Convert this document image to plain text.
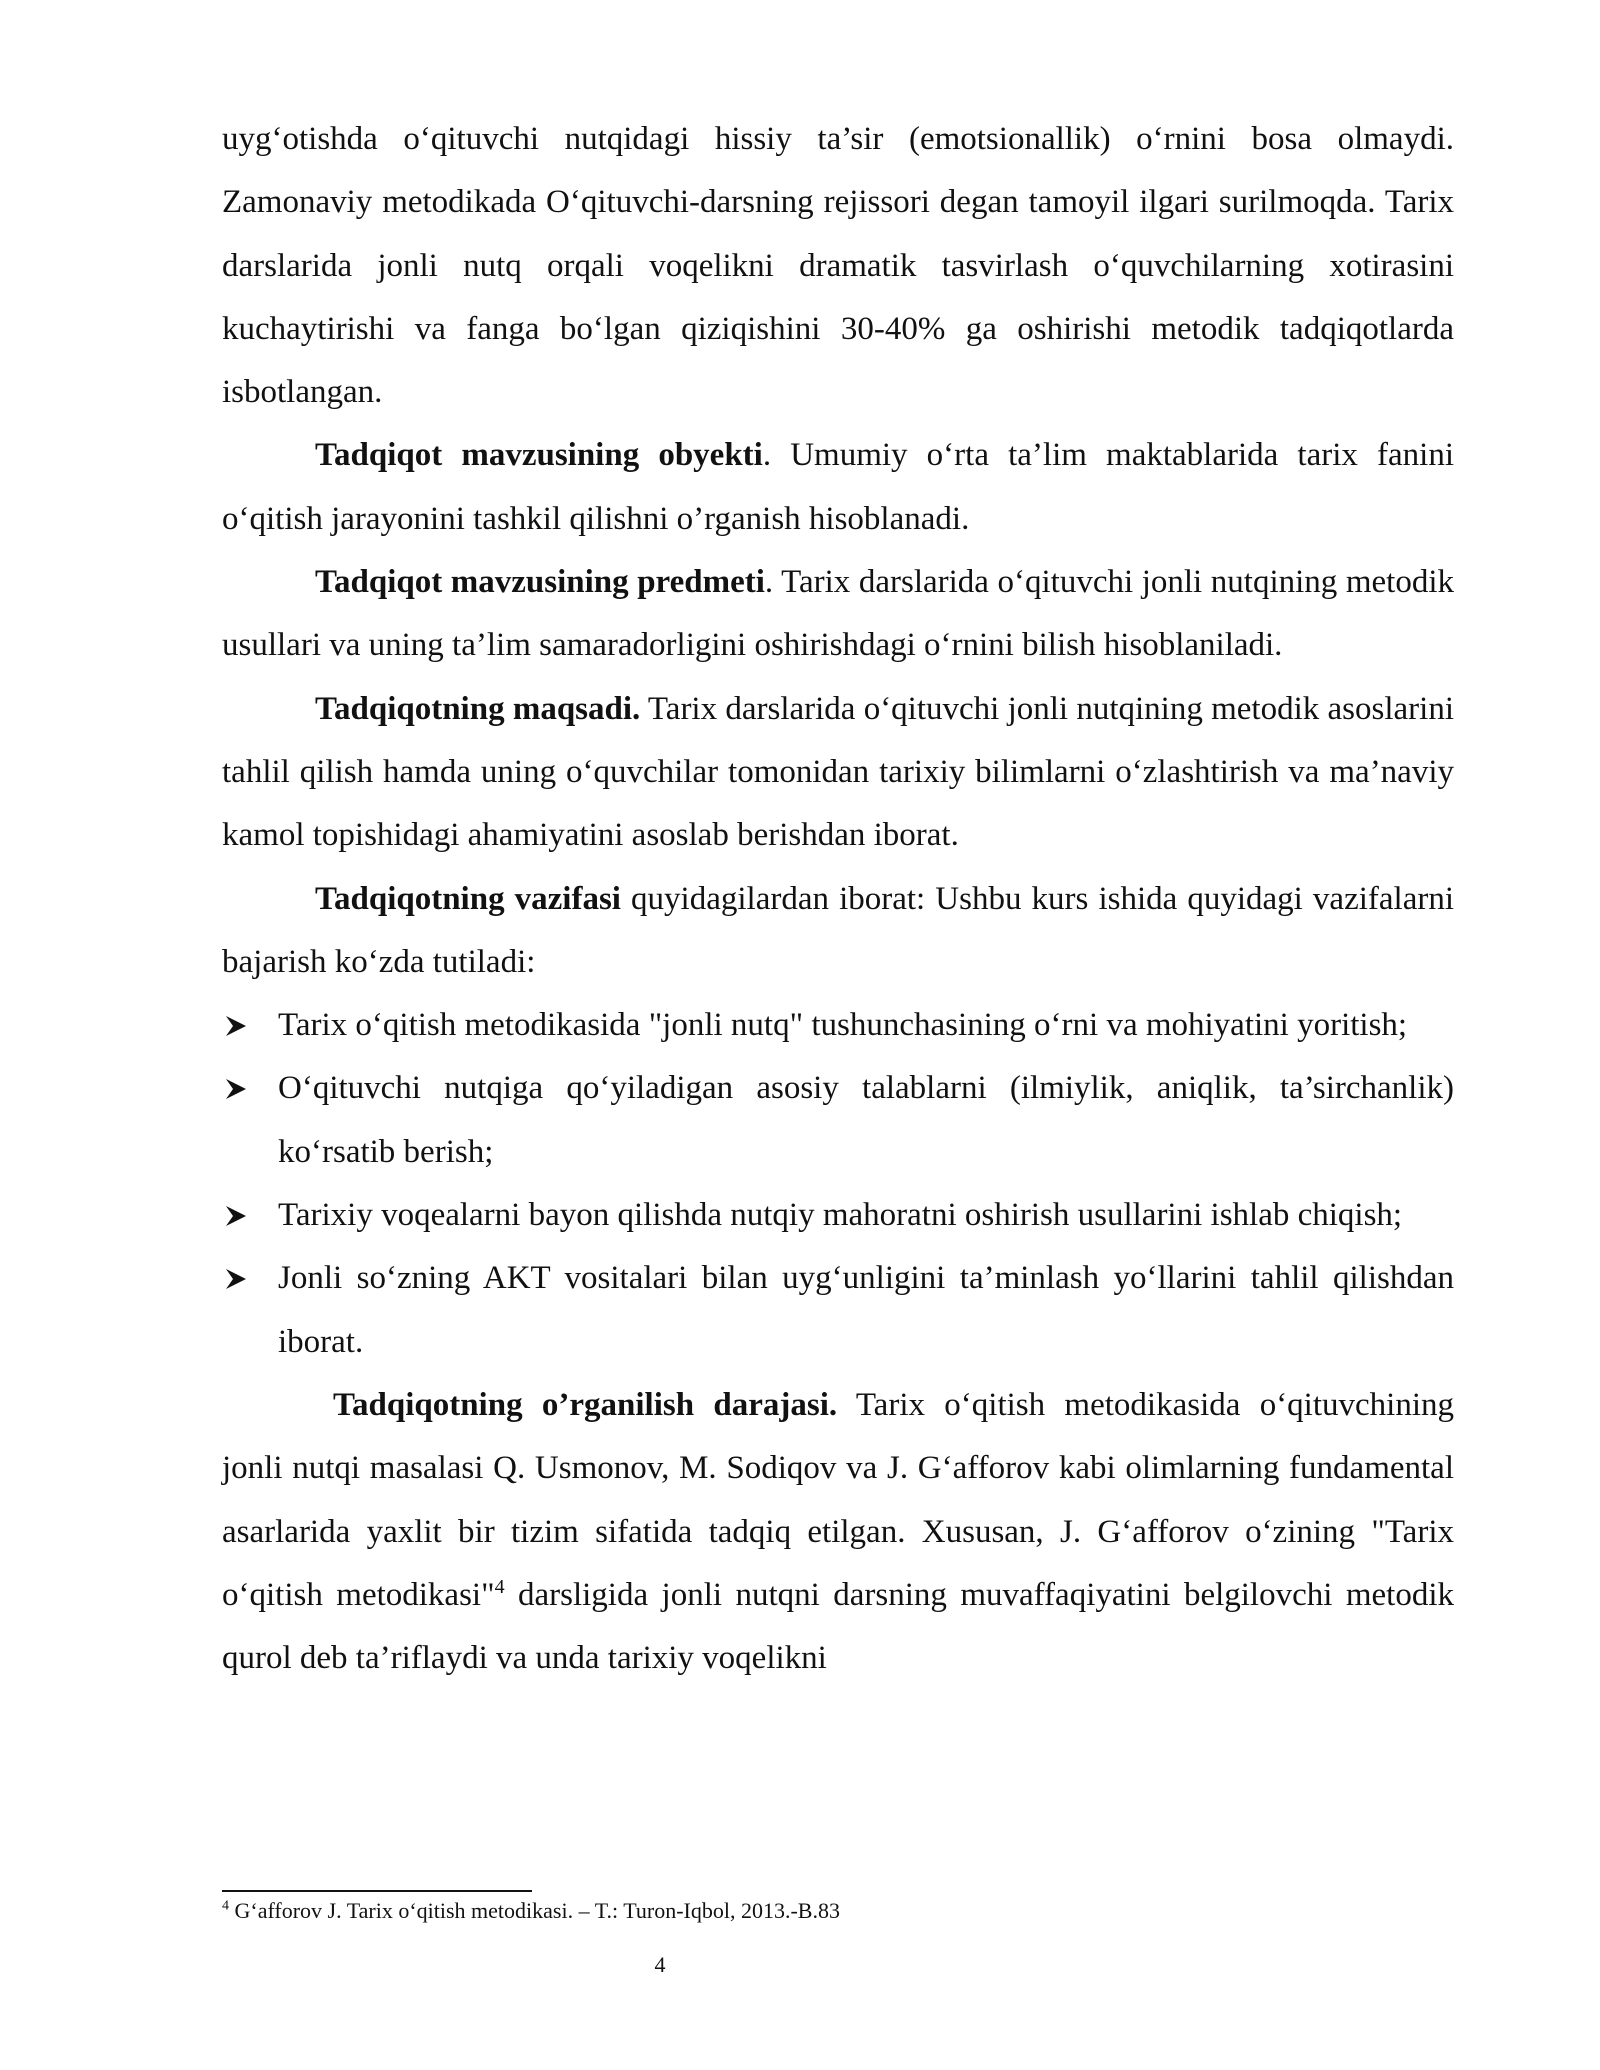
uyg‘otishda o‘qituvchi nutqidagi hissiy ta’sir (emotsionallik) o‘rnini bosa olmaydi. Zamonaviy metodikada O‘qituvchi-darsning rejissori degan tamoyil ilgari surilmoqda. Tarix darslarida jonli nutq orqali voqelikni dramatik tasvirlash o‘quvchilarning xotirasini kuchaytirishi va fanga bo‘lgan qiziqishini 30-40% ga oshirishi metodik tadqiqotlarda isbotlangan.

Tadqiqot mavzusining obyekti. Umumiy o‘rta ta’lim maktablarida tarix fanini o‘qitish jarayonini tashkil qilishni o’rganish hisoblanadi.

Tadqiqot mavzusining predmeti. Tarix darslarida o‘qituvchi jonli nutqining metodik usullari va uning ta’lim samaradorligini oshirishdagi o‘rnini bilish hisoblaniladi.

Tadqiqotning maqsadi. Tarix darslarida o‘qituvchi jonli nutqining metodik asoslarini tahlil qilish hamda uning o‘quvchilar tomonidan tarixiy bilimlarni o‘zlashtirish va ma’naviy kamol topishidagi ahamiyatini asoslab berishdan iborat.

Tadqiqotning vazifasi quyidagilardan iborat: Ushbu kurs ishida quyidagi vazifalarni bajarish ko‘zda tutiladi:

Tarix o‘qitish metodikasida "jonli nutq" tushunchasining o‘rni va mohiyatini yoritish;
O‘qituvchi nutqiga qo‘yiladigan asosiy talablarni (ilmiylik, aniqlik, ta’sirchanlik) ko‘rsatib berish;
Tarixiy voqealarni bayon qilishda nutqiy mahoratni oshirish usullarini ishlab chiqish;
Jonli so‘zning AKT vositalari bilan uyg‘unligini ta’minlash yo‘llarini tahlil qilishdan iborat.

Tadqiqotning o’rganilish darajasi. Tarix o‘qitish metodikasida o‘qituvchining jonli nutqi masalasi Q. Usmonov, M. Sodiqov va J. G‘afforov kabi olimlarning fundamental asarlarida yaxlit bir tizim sifatida tadqiq etilgan. Xususan, J. G‘afforov o‘zining "Tarix o‘qitish metodikasi"$^4$ darsligida jonli nutqni darsning muvaffaqiyatini belgilovchi metodik qurol deb ta’riflaydi va unda tarixiy voqelikni

$^4$ G‘afforov J. Tarix o‘qitish metodikasi. – T.: Turon-Iqbol, 2013.-B.83
4
